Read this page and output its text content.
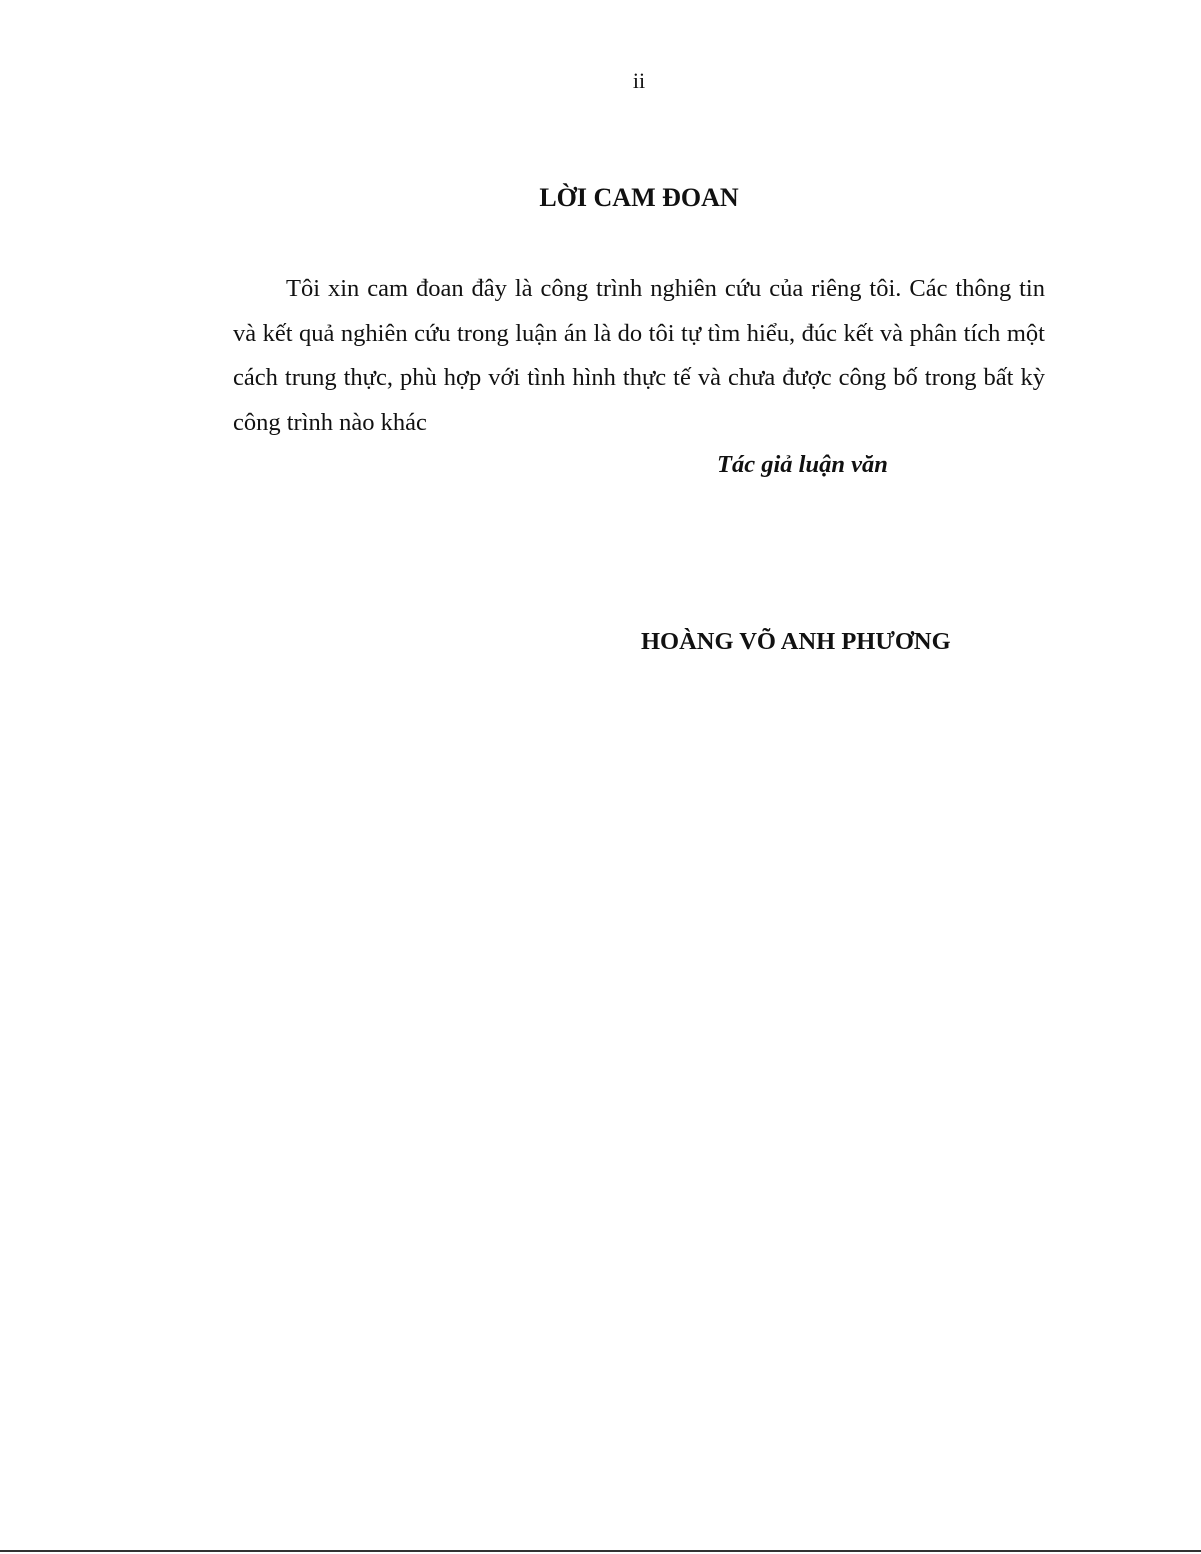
ii
LỜI CAM ĐOAN

Tôi xin cam đoan đây là công trình nghiên cứu của riêng tôi. Các thông tin và kết quả nghiên cứu trong luận án là do tôi tự tìm hiểu, đúc kết và phân tích một cách trung thực, phù hợp với tình hình thực tế và chưa được công bố trong bất kỳ công trình nào khác

Tác giả luận văn

HOÀNG VÕ ANH PHƯƠNG
